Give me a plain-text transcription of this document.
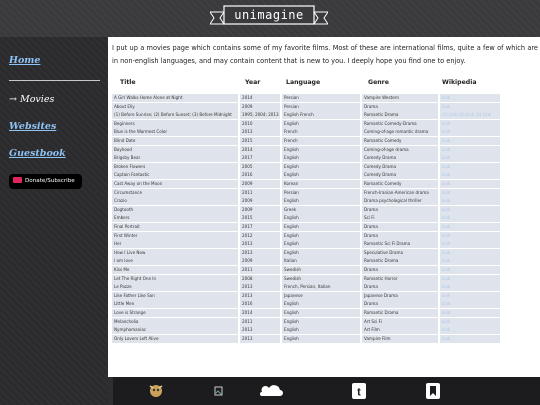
unimagine
Home
→ Movies
Websites
Guestbook
Donate/Subscribe

I put up a movies page which contains some of my favorite films. Most of these are international films, quite a few of which are in non-english languages, and may contain content that is new to you. I deeply hope you find one to enjoy.

Title	Year	Language	Genre	Wikipedia
A Girl Walks Home Alone at Night	2014	Persian	Vampire Western	Link
About Elly	2009	Persian	Drama	Link
(1) Before Sunrise; (2) Before Sunset; (3) Before Midnight	1995; 2004; 2013	English French	Romantic Drama	(1) Link (2) Link (3) Link
Beginners	2010	English	Romantic Comedy-Drama	Link
Blue is the Warmest Color	2013	French	Coming-of-age romantic drama	Link
Blind Date	2015	French	Romantic Comedy	Link
Boyhood	2014	English	Coming-of-age drama	Link
Brigsby Bear	2017	English	Comedy Drama	Link
Broken Flowers	2005	English	Comedy Drama	Link
Captain Fantastic	2016	English	Comedy Drama	Link
Cast Away on the Moon	2009	Korean	Romantic Comedy	Link
Circumstance	2011	Persian	French-Iranian-American drama	Link
Crazio	2009	English	Drama psychological thriller	Link
Dogtooth	2009	Greek	Drama	Link
Embers	2015	English	Sci Fi	Link
Final Portrait	2017	English	Drama	Link
First Winter	2012	English	Drama	Link
Her	2013	English	Romantic Sci Fi Drama	Link
How I Live Now	2013	English	Speculative Drama	Link
I am love	2009	Italian	Romantic Drama	Link
Kiss Me	2011	Swedish	Drama	Link
Let The Right One In	2008	Swedish	Romantic Horror	Link
Le Pazze	2013	French, Persian, Italian	Drama	Link
Like Father Like Son	2013	Japanese	Japanese Drama	Link
Little Men	2016	English	Drama	Link
Love is Strange	2014	English	Romantic Drama	Link
Melancholia	2011	English	Art Sci Fi	Link
Nymphomaniac	2013	English	Art Film	Link
Only Lovers Left Alive	2013	English	Vampire Film	Link
t
